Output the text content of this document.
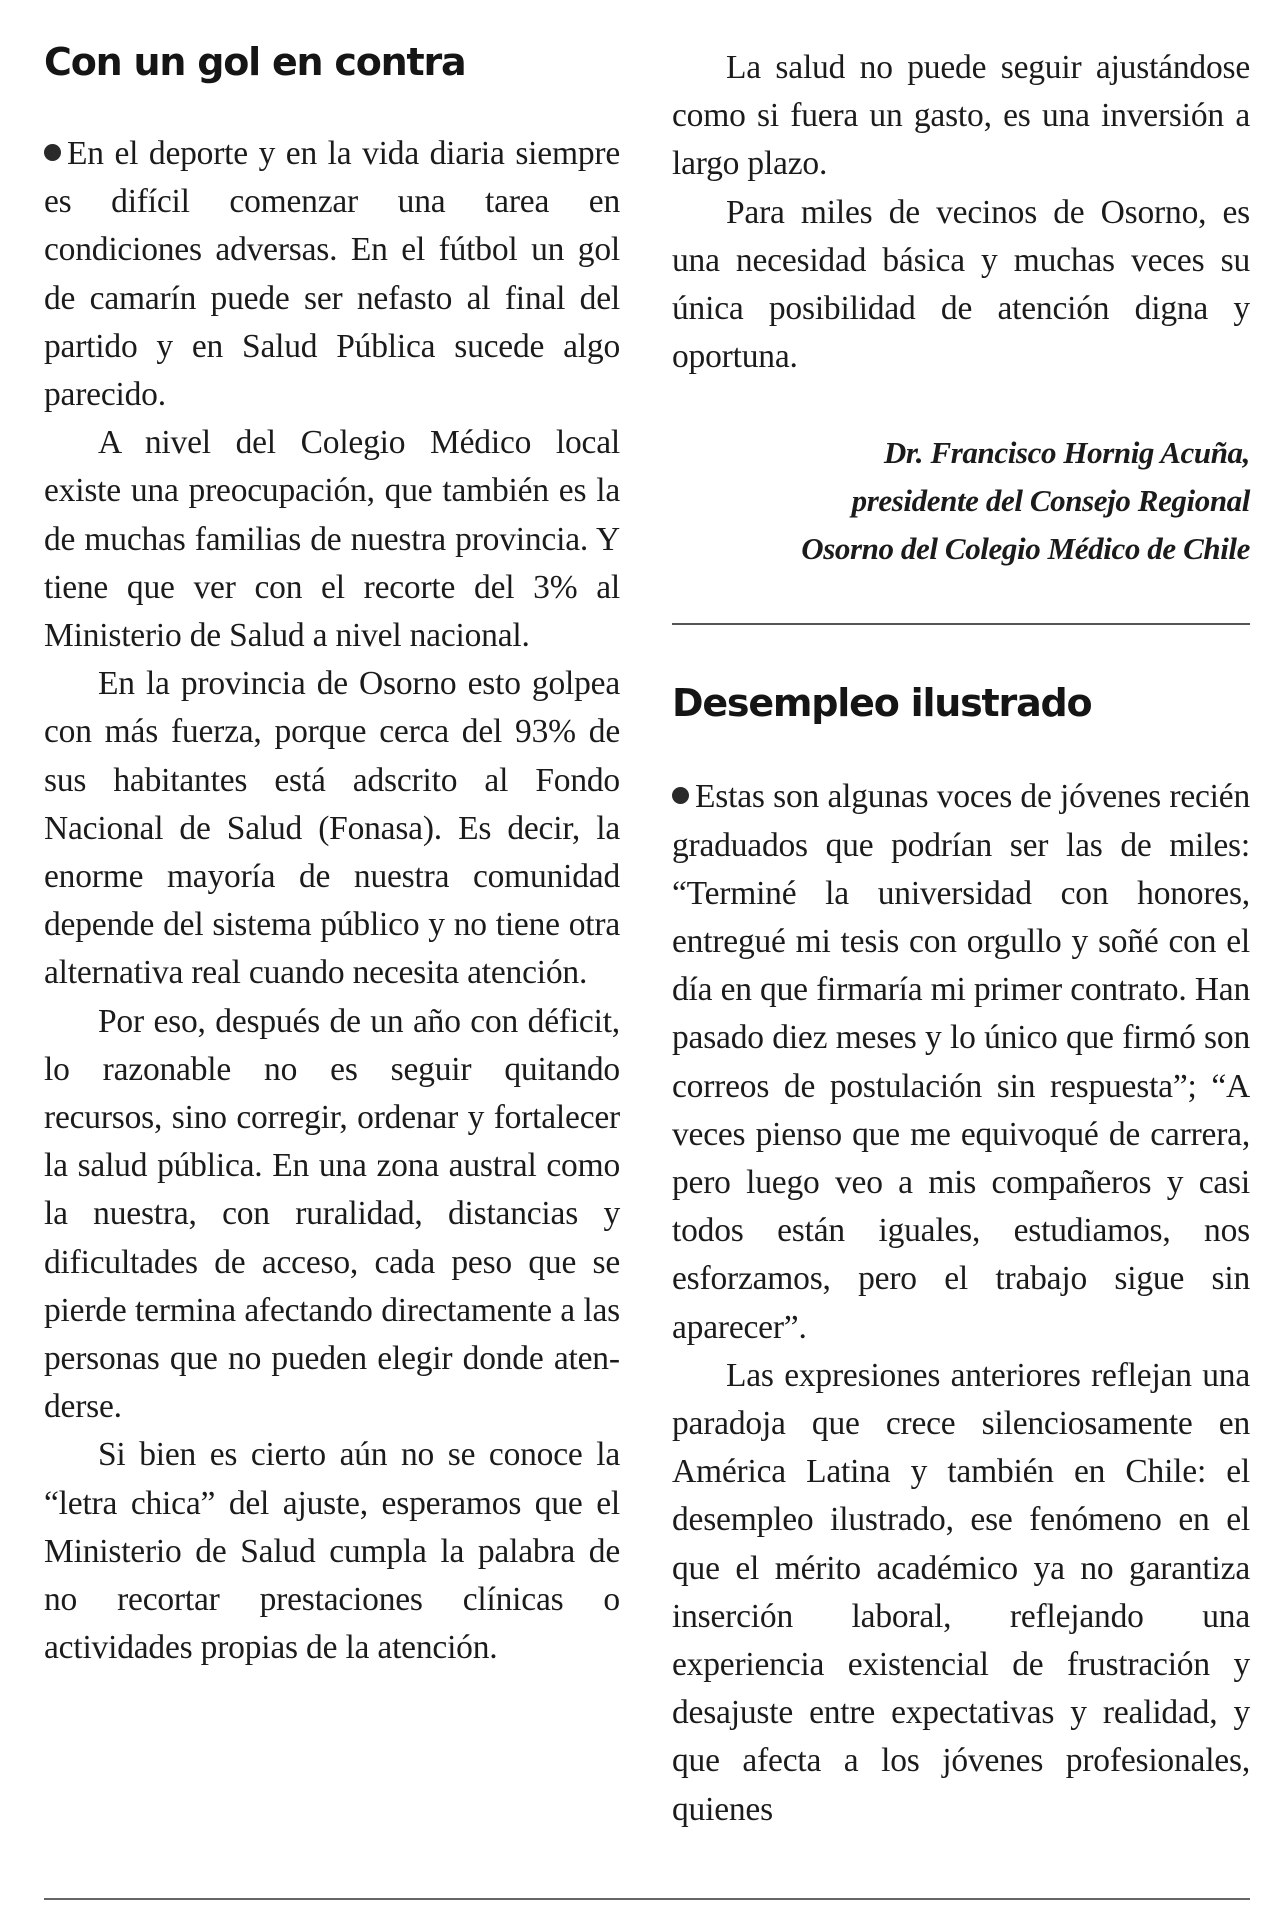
Con un gol en contra

En el deporte y en la vida diaria siempre es difícil comenzar una tarea en condiciones adversas. En el fútbol un gol de camarín puede ser nefasto al final del partido y en Salud Pública sucede algo parecido.

A nivel del Colegio Médico local existe una preocupación, que también es la de muchas familias de nuestra provincia. Y tiene que ver con el recorte del 3% al Ministerio de Salud a nivel nacional.

En la provincia de Osorno esto golpea con más fuerza, porque cerca del 93% de sus habitantes está adscrito al Fondo Nacional de Salud (Fonasa). Es decir, la enorme mayoría de nuestra comunidad depende del sistema público y no tiene otra alternativa real cuando necesita atención.

Por eso, después de un año con déficit, lo razonable no es seguir quitando recursos, sino corregir, ordenar y fortalecer la salud pública. En una zona austral como la nuestra, con ruralidad, distancias y dificultades de acceso, cada peso que se pierde termina afectando directamente a las personas que no pueden elegir donde atenderse.

Si bien es cierto aún no se conoce la “letra chica” del ajuste, esperamos que el Ministerio de Salud cumpla la palabra de no recortar prestaciones clínicas o actividades propias de la atención.

La salud no puede seguir ajustándose como si fuera un gasto, es una inversión a largo plazo.

Para miles de vecinos de Osorno, es una necesidad básica y muchas veces su única posibilidad de atención digna y oportuna.

Dr. Francisco Hornig Acuña,
presidente del Consejo Regional
Osorno del Colegio Médico de Chile
Desempleo ilustrado

Estas son algunas voces de jóvenes recién graduados que podrían ser las de miles: “Terminé la universidad con honores, entregué mi tesis con orgullo y soñé con el día en que firmaría mi primer contrato. Han pasado diez meses y lo único que firmó son correos de postulación sin respuesta”; “A veces pienso que me equivoqué de carrera, pero luego veo a mis compañeros y casi todos están iguales, estudiamos, nos esforzamos, pero el trabajo sigue sin aparecer”.

Las expresiones anteriores reflejan una paradoja que crece silenciosamente en América Latina y también en Chile: el desempleo ilustrado, ese fenómeno en el que el mérito académico ya no garantiza inserción laboral, reflejando una experiencia existencial de frustración y desajuste entre expectativas y realidad, y que afecta a los jóvenes profesionales, quienes
